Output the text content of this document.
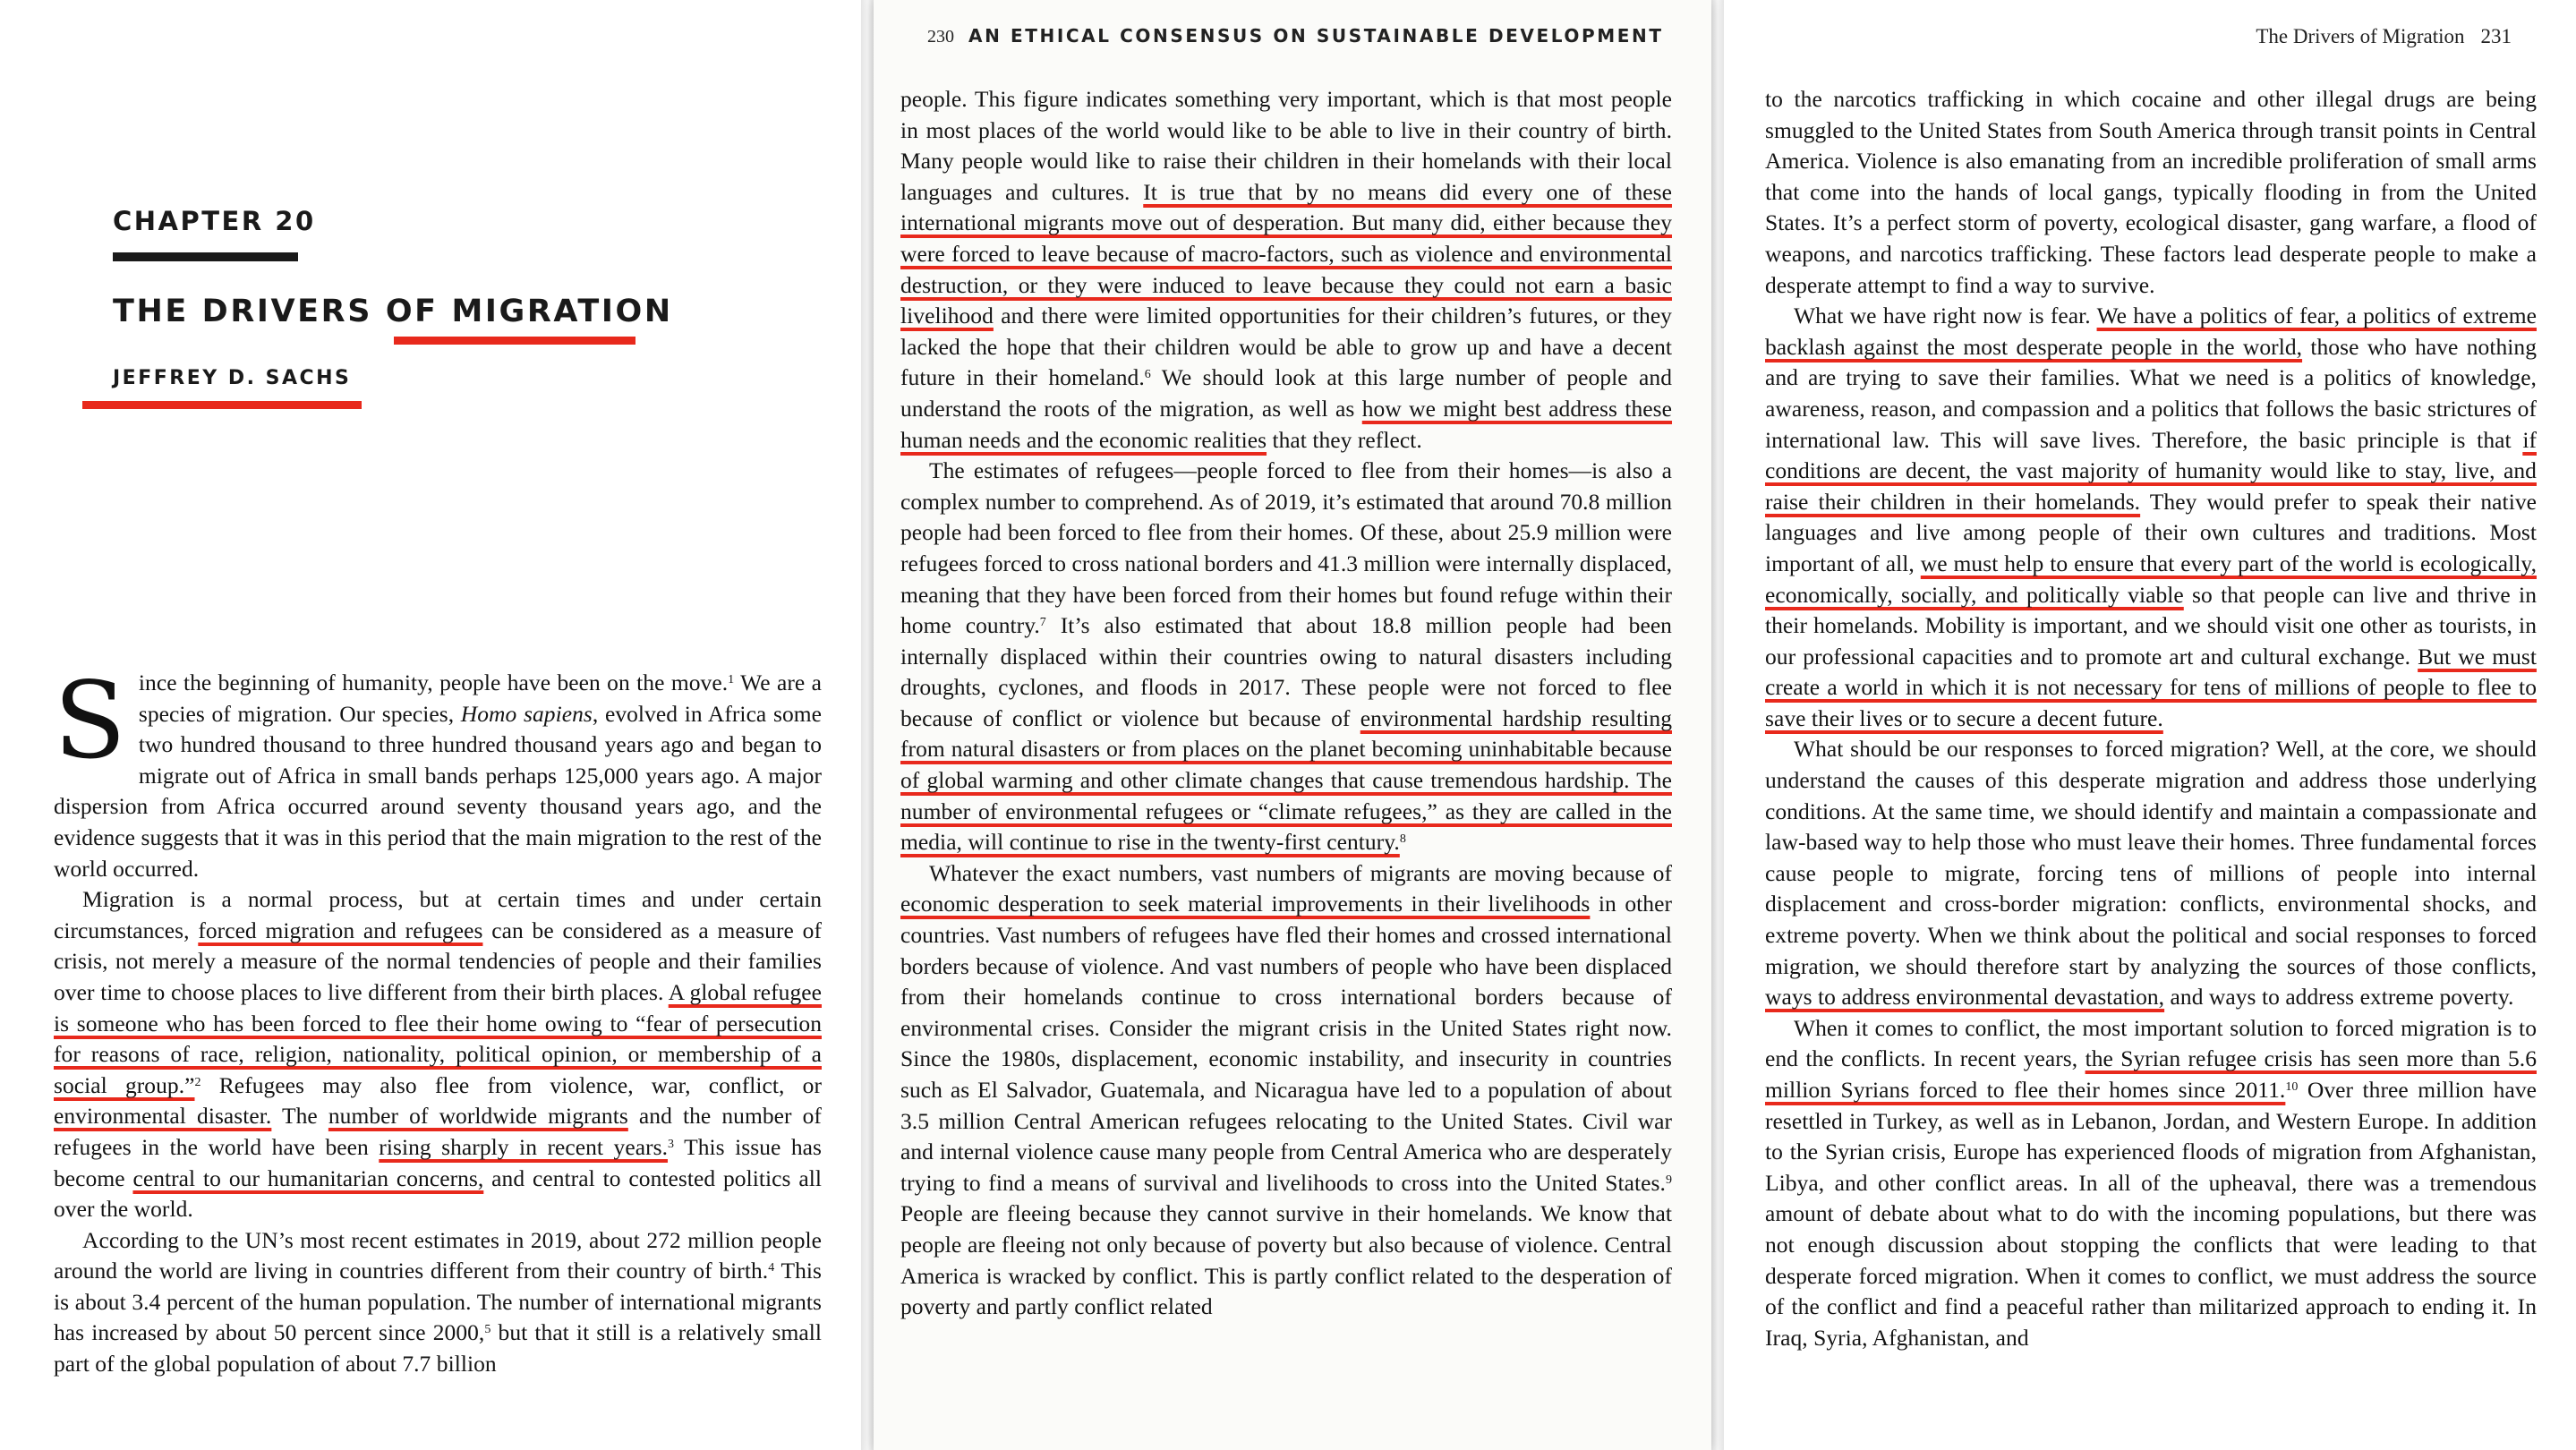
CHAPTER 20
THE DRIVERS OF MIGRATION
JEFFREY D. SACHS

Since the beginning of humanity, people have been on the move.$^1$ We are a species of migration. Our species, Homo sapiens, evolved in Africa some two hundred thousand to three hundred thousand years ago and began to migrate out of Africa in small bands perhaps 125,000 years ago. A major dispersion from Africa occurred around seventy thousand years ago, and the evidence suggests that it was in this period that the main migration to the rest of the world occurred.

Migration is a normal process, but at certain times and under certain circumstances, forced migration and refugees can be considered as a measure of crisis, not merely a measure of the normal tendencies of people and their families over time to choose places to live different from their birth places. A global refugee is someone who has been forced to flee their home owing to “fear of persecution for reasons of race, religion, nationality, political opinion, or membership of a social group.”$^2$ Refugees may also flee from violence, war, conflict, or environmental disaster. The number of worldwide migrants and the number of refugees in the world have been rising sharply in recent years.$^3$ This issue has become central to our humanitarian concerns, and central to contested politics all over the world.

According to the UN’s most recent estimates in 2019, about 272 million people around the world are living in countries different from their country of birth.$^4$ This is about 3.4 percent of the human population. The number of international migrants has increased by about 50 percent since 2000,$^5$ but that it still is a relatively small part of the global population of about 7.7 billion

230 AN ETHICAL CONSENSUS ON SUSTAINABLE DEVELOPMENT

people. This figure indicates something very important, which is that most people in most places of the world would like to be able to live in their country of birth. Many people would like to raise their children in their homelands with their local languages and cultures. It is true that by no means did every one of these international migrants move out of desperation. But many did, either because they were forced to leave because of macro-factors, such as violence and environmental destruction, or they were induced to leave because they could not earn a basic livelihood and there were limited opportunities for their children’s futures, or they lacked the hope that their children would be able to grow up and have a decent future in their homeland.$^6$ We should look at this large number of people and understand the roots of the migration, as well as how we might best address these human needs and the economic realities that they reflect.

The estimates of refugees—people forced to flee from their homes—is also a complex number to comprehend. As of 2019, it’s estimated that around 70.8 million people had been forced to flee from their homes. Of these, about 25.9 million were refugees forced to cross national borders and 41.3 million were internally displaced, meaning that they have been forced from their homes but found refuge within their home country.$^7$ It’s also estimated that about 18.8 million people had been internally displaced within their countries owing to natural disasters including droughts, cyclones, and floods in 2017. These people were not forced to flee because of conflict or violence but because of environmental hardship resulting from natural disasters or from places on the planet becoming uninhabitable because of global warming and other climate changes that cause tremendous hardship. The number of environmental refugees or “climate refugees,” as they are called in the media, will continue to rise in the twenty-first century.$^8$

Whatever the exact numbers, vast numbers of migrants are moving because of economic desperation to seek material improvements in their livelihoods in other countries. Vast numbers of refugees have fled their homes and crossed international borders because of violence. And vast numbers of people who have been displaced from their homelands continue to cross international borders because of environmental crises. Consider the migrant crisis in the United States right now. Since the 1980s, displacement, economic instability, and insecurity in countries such as El Salvador, Guatemala, and Nicaragua have led to a population of about 3.5 million Central American refugees relocating to the United States. Civil war and internal violence cause many people from Central America who are desperately trying to find a means of survival and livelihoods to cross into the United States.$^9$ People are fleeing because they cannot survive in their homelands. We know that people are fleeing not only because of poverty but also because of violence. Central America is wracked by conflict. This is partly conflict related to the desperation of poverty and partly conflict related

The Drivers of Migration 231

to the narcotics trafficking in which cocaine and other illegal drugs are being smuggled to the United States from South America through transit points in Central America. Violence is also emanating from an incredible proliferation of small arms that come into the hands of local gangs, typically flooding in from the United States. It’s a perfect storm of poverty, ecological disaster, gang warfare, a flood of weapons, and narcotics trafficking. These factors lead desperate people to make a desperate attempt to find a way to survive.

What we have right now is fear. We have a politics of fear, a politics of extreme backlash against the most desperate people in the world, those who have nothing and are trying to save their families. What we need is a politics of knowledge, awareness, reason, and compassion and a politics that follows the basic strictures of international law. This will save lives. Therefore, the basic principle is that if conditions are decent, the vast majority of humanity would like to stay, live, and raise their children in their homelands. They would prefer to speak their native languages and live among people of their own cultures and traditions. Most important of all, we must help to ensure that every part of the world is ecologically, economically, socially, and politically viable so that people can live and thrive in their homelands. Mobility is important, and we should visit one other as tourists, in our professional capacities and to promote art and cultural exchange. But we must create a world in which it is not necessary for tens of millions of people to flee to save their lives or to secure a decent future.

What should be our responses to forced migration? Well, at the core, we should understand the causes of this desperate migration and address those underlying conditions. At the same time, we should identify and maintain a compassionate and law-based way to help those who must leave their homes. Three fundamental forces cause people to migrate, forcing tens of millions of people into internal displacement and cross-border migration: conflicts, environmental shocks, and extreme poverty. When we think about the political and social responses to forced migration, we should therefore start by analyzing the sources of those conflicts, ways to address environmental devastation, and ways to address extreme poverty.

When it comes to conflict, the most important solution to forced migration is to end the conflicts. In recent years, the Syrian refugee crisis has seen more than 5.6 million Syrians forced to flee their homes since 2011.10 Over three million have resettled in Turkey, as well as in Lebanon, Jordan, and Western Europe. In addition to the Syrian crisis, Europe has experienced floods of migration from Afghanistan, Libya, and other conflict areas. In all of the upheaval, there was a tremendous amount of debate about what to do with the incoming populations, but there was not enough discussion about stopping the conflicts that were leading to that desperate forced migration. When it comes to conflict, we must address the source of the conflict and find a peaceful rather than militarized approach to ending it. In Iraq, Syria, Afghanistan, and
